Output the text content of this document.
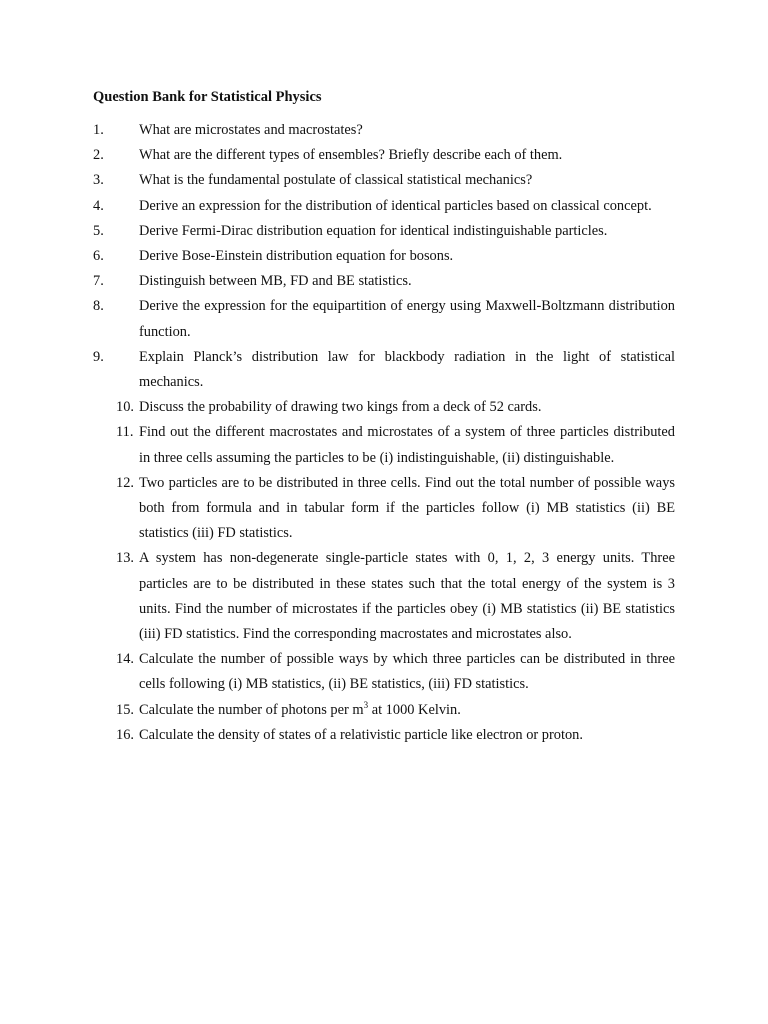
Question Bank for Statistical Physics
1.	What are microstates and macrostates?
2.	What are the different types of ensembles? Briefly describe each of them.
3.	What is the fundamental postulate of classical statistical mechanics?
4.	Derive an expression for the distribution of identical particles based on classical concept.
5.	Derive Fermi-Dirac distribution equation for identical indistinguishable particles.
6.	Derive Bose-Einstein distribution equation for bosons.
7.	Distinguish between MB, FD and BE statistics.
8.	Derive the expression for the equipartition of energy using Maxwell-Boltzmann distribution function.
9.	Explain Planck’s distribution law for blackbody radiation in the light of statistical mechanics.
10. Discuss the probability of drawing two kings from a deck of 52 cards.
11. Find out the different macrostates and microstates of a system of three particles distributed in three cells assuming the particles to be (i) indistinguishable, (ii) distinguishable.
12. Two particles are to be distributed in three cells. Find out the total number of possible ways both from formula and in tabular form if the particles follow (i) MB statistics (ii) BE statistics (iii) FD statistics.
13. A system has non-degenerate single-particle states with 0, 1, 2, 3 energy units. Three particles are to be distributed in these states such that the total energy of the system is 3 units. Find the number of microstates if the particles obey (i) MB statistics (ii) BE statistics (iii) FD statistics. Find the corresponding macrostates and microstates also.
14. Calculate the number of possible ways by which three particles can be distributed in three cells following (i) MB statistics, (ii) BE statistics, (iii) FD statistics.
15. Calculate the number of photons per $m^3$ at 1000 Kelvin.
16. Calculate the density of states of a relativistic particle like electron or proton.
